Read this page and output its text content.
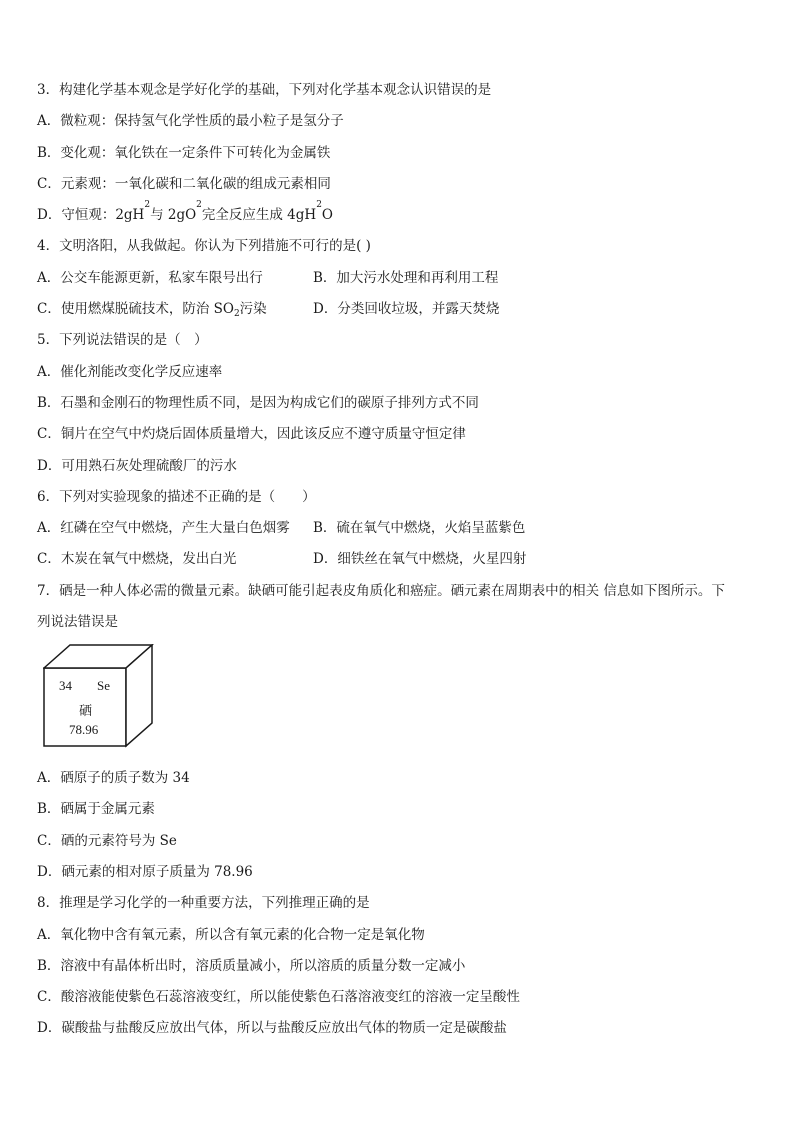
3．构建化学基本观念是学好化学的基础，下列对化学基本观念认识错误的是
A．微粒观：保持氢气化学性质的最小粒子是氢分子
B．变化观：氧化铁在一定条件下可转化为金属铁
C．元素观：一氧化碳和二氧化碳的组成元素相同
D．守恒观：2gH
2
与 2gO
2
完全反应生成 4gH
2
O
4．文明洛阳，从我做起。你认为下列措施不可行的是( )
A．公交车能源更新，私家车限号出行	B．加大污水处理和再利用工程
C．使用燃煤脱硫技术，防治 $SO_2$污染	D．分类回收垃圾，并露天焚烧
5．下列说法错误的是（　）
A．催化剂能改变化学反应速率
B．石墨和金刚石的物理性质不同，是因为构成它们的碳原子排列方式不同
C．铜片在空气中灼烧后固体质量增大，因此该反应不遵守质量守恒定律
D．可用熟石灰处理硫酸厂的污水
6．下列对实验现象的描述不正确的是（　　）
A．红磷在空气中燃烧，产生大量白色烟雾	B．硫在氧气中燃烧，火焰呈蓝紫色
C．木炭在氧气中燃烧，发出白光	D．细铁丝在氧气中燃烧，火星四射
7．硒是一种人体必需的微量元素。缺硒可能引起表皮角质化和癌症。硒元素在周期表中的相关 信息如下图所示。下
列说法错误是
34 Se
硒
78.96
A．硒原子的质子数为 34
B．硒属于金属元素
C．硒的元素符号为 Se
D．硒元素的相对原子质量为 78.96
8．推理是学习化学的一种重要方法，下列推理正确的是
A．氧化物中含有氧元素，所以含有氧元素的化合物一定是氧化物
B．溶液中有晶体析出时，溶质质量减小，所以溶质的质量分数一定减小
C．酸溶液能使紫色石蕊溶液变红，所以能使紫色石落溶液变红的溶液一定呈酸性
D．碳酸盐与盐酸反应放出气体，所以与盐酸反应放出气体的物质一定是碳酸盐
